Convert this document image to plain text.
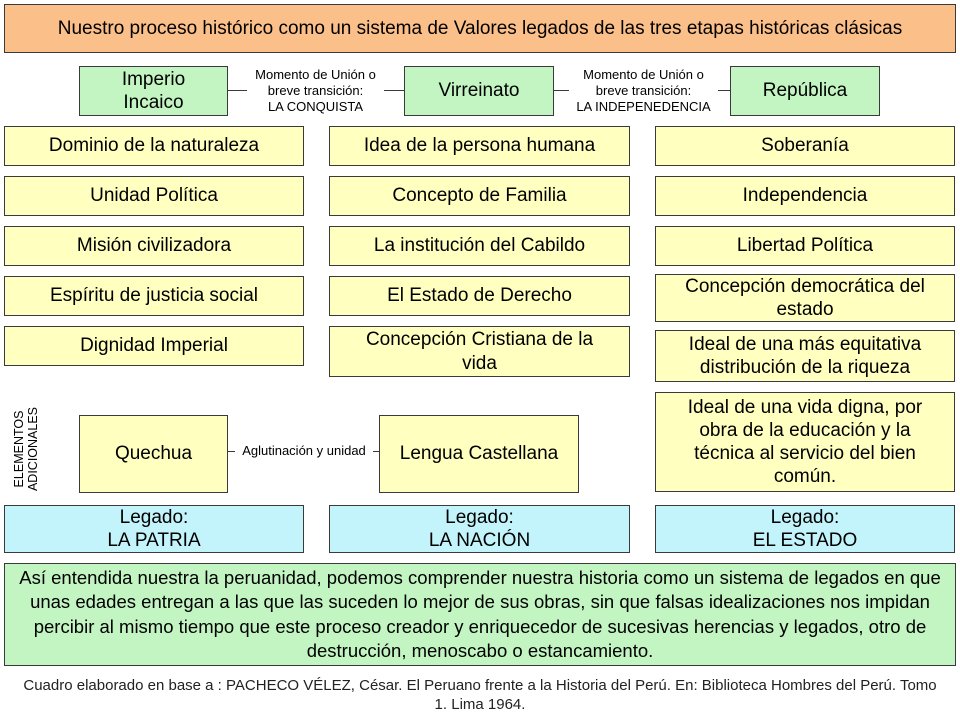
Nuestro proceso histórico como un sistema de Valores legados de las tres etapas históricas clásicas
Imperio Incaico
Momento de Unión o
breve transición:
LA CONQUISTA
Virreinato
Momento de Unión o
breve transición:
LA INDEPENEDENCIA
República
Dominio de la naturaleza
Unidad Política
Misión civilizadora
Espíritu de justicia social
Dignidad Imperial
Idea de la persona humana
Concepto de Familia
La institución del Cabildo
El Estado de Derecho
Concepción Cristiana de la vida
Soberanía
Independencia
Libertad Política
Concepción democrática del estado
Ideal de una más equitativa distribución de la riqueza
Ideal de una vida digna, por obra de la educación y la técnica al servicio del bien común.
ELEMENTOS ADICIONALES	Quechua	Aglutinación y unidad Lengua Castellana
Legado:
LA PATRIA
Legado:
LA NACIÓN
Legado:
EL ESTADO
Así entendida nuestra la peruanidad, podemos comprender nuestra historia como un sistema de legados en que unas edades entregan a las que las suceden lo mejor de sus obras, sin que falsas idealizaciones nos impidan percibir al mismo tiempo que este proceso creador y enriquecedor de sucesivas herencias y legados, otro de destrucción, menoscabo o estancamiento.
Cuadro elaborado en base a : PACHECO VÉLEZ, César. El Peruano frente a la Historia del Perú. En: Biblioteca Hombres del Perú. Tomo 1. Lima 1964.
